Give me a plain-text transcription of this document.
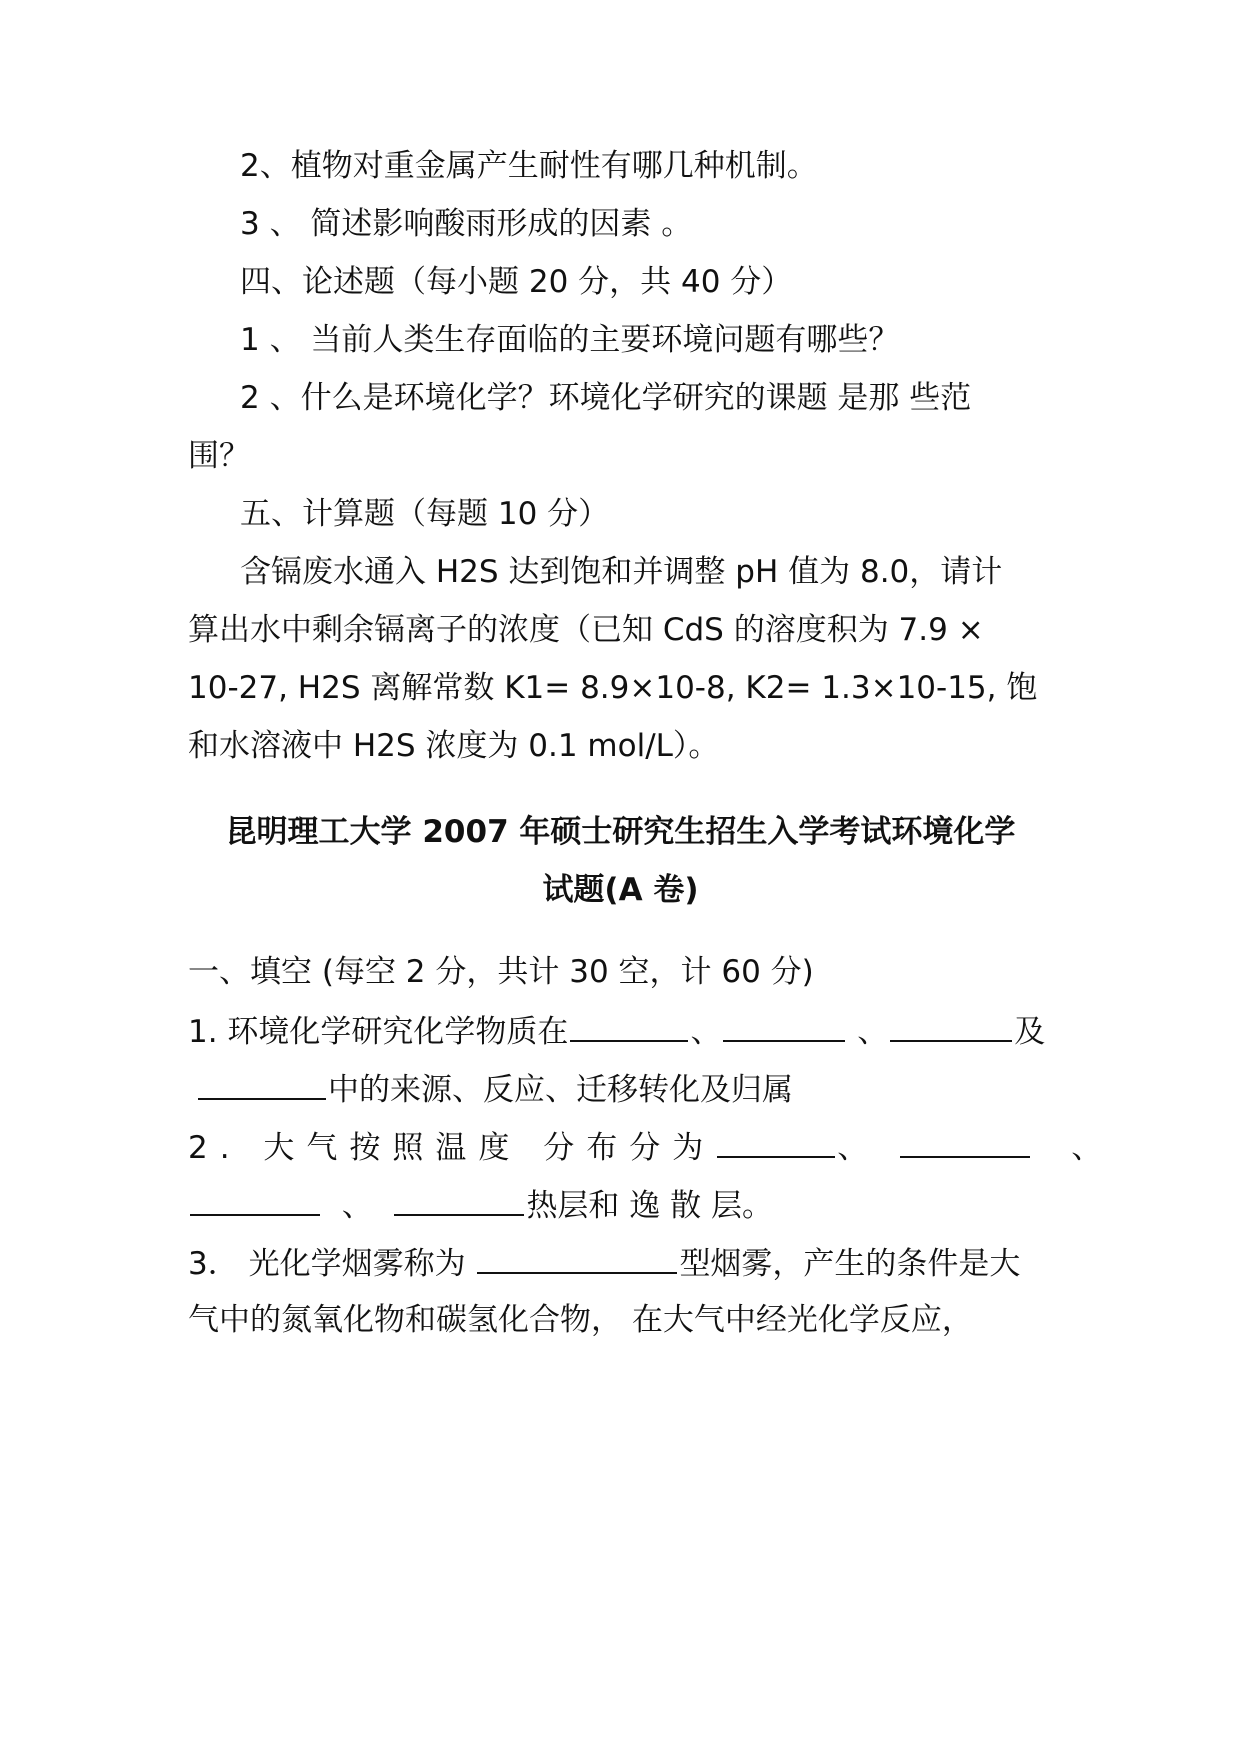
2、植物对重金属产生耐性有哪几种机制。
3 、 简述影响酸雨形成的因素 。
四、论述题（每小题 20 分，共 40 分）
1 、 当前人类生存面临的主要环境问题有哪些？
2 、什么是环境化学？环境化学研究的课题 是那 些范
围？
五、计算题（每题 10 分）
含镉废水通入 H2S 达到饱和并调整 pH 值为 8.0，请计
算出水中剩余镉离子的浓度（已知 CdS 的溶度积为 7.9 ×
10-27, H2S 离解常数 K1= 8.9×10-8, K2= 1.3×10-15, 饱
和水溶液中 H2S 浓度为 0.1 mol/L）。
昆明理工大学 2007 年硕士研究生招生入学考试环境化学
试题(A 卷)
一、填空 (每空 2 分，共计 30 空，计 60 分)
1. 环境化学研究化学物质在	、	、	及
中的来源、反应、迁移转化及归属
2. 大气按照温度 分布分为	、	、
、	热层和 逸 散 层。
3． 光化学烟雾称为	型烟雾，产生的条件是大
气中的氮氧化物和碳氢化合物， 在大气中经光化学反应，
